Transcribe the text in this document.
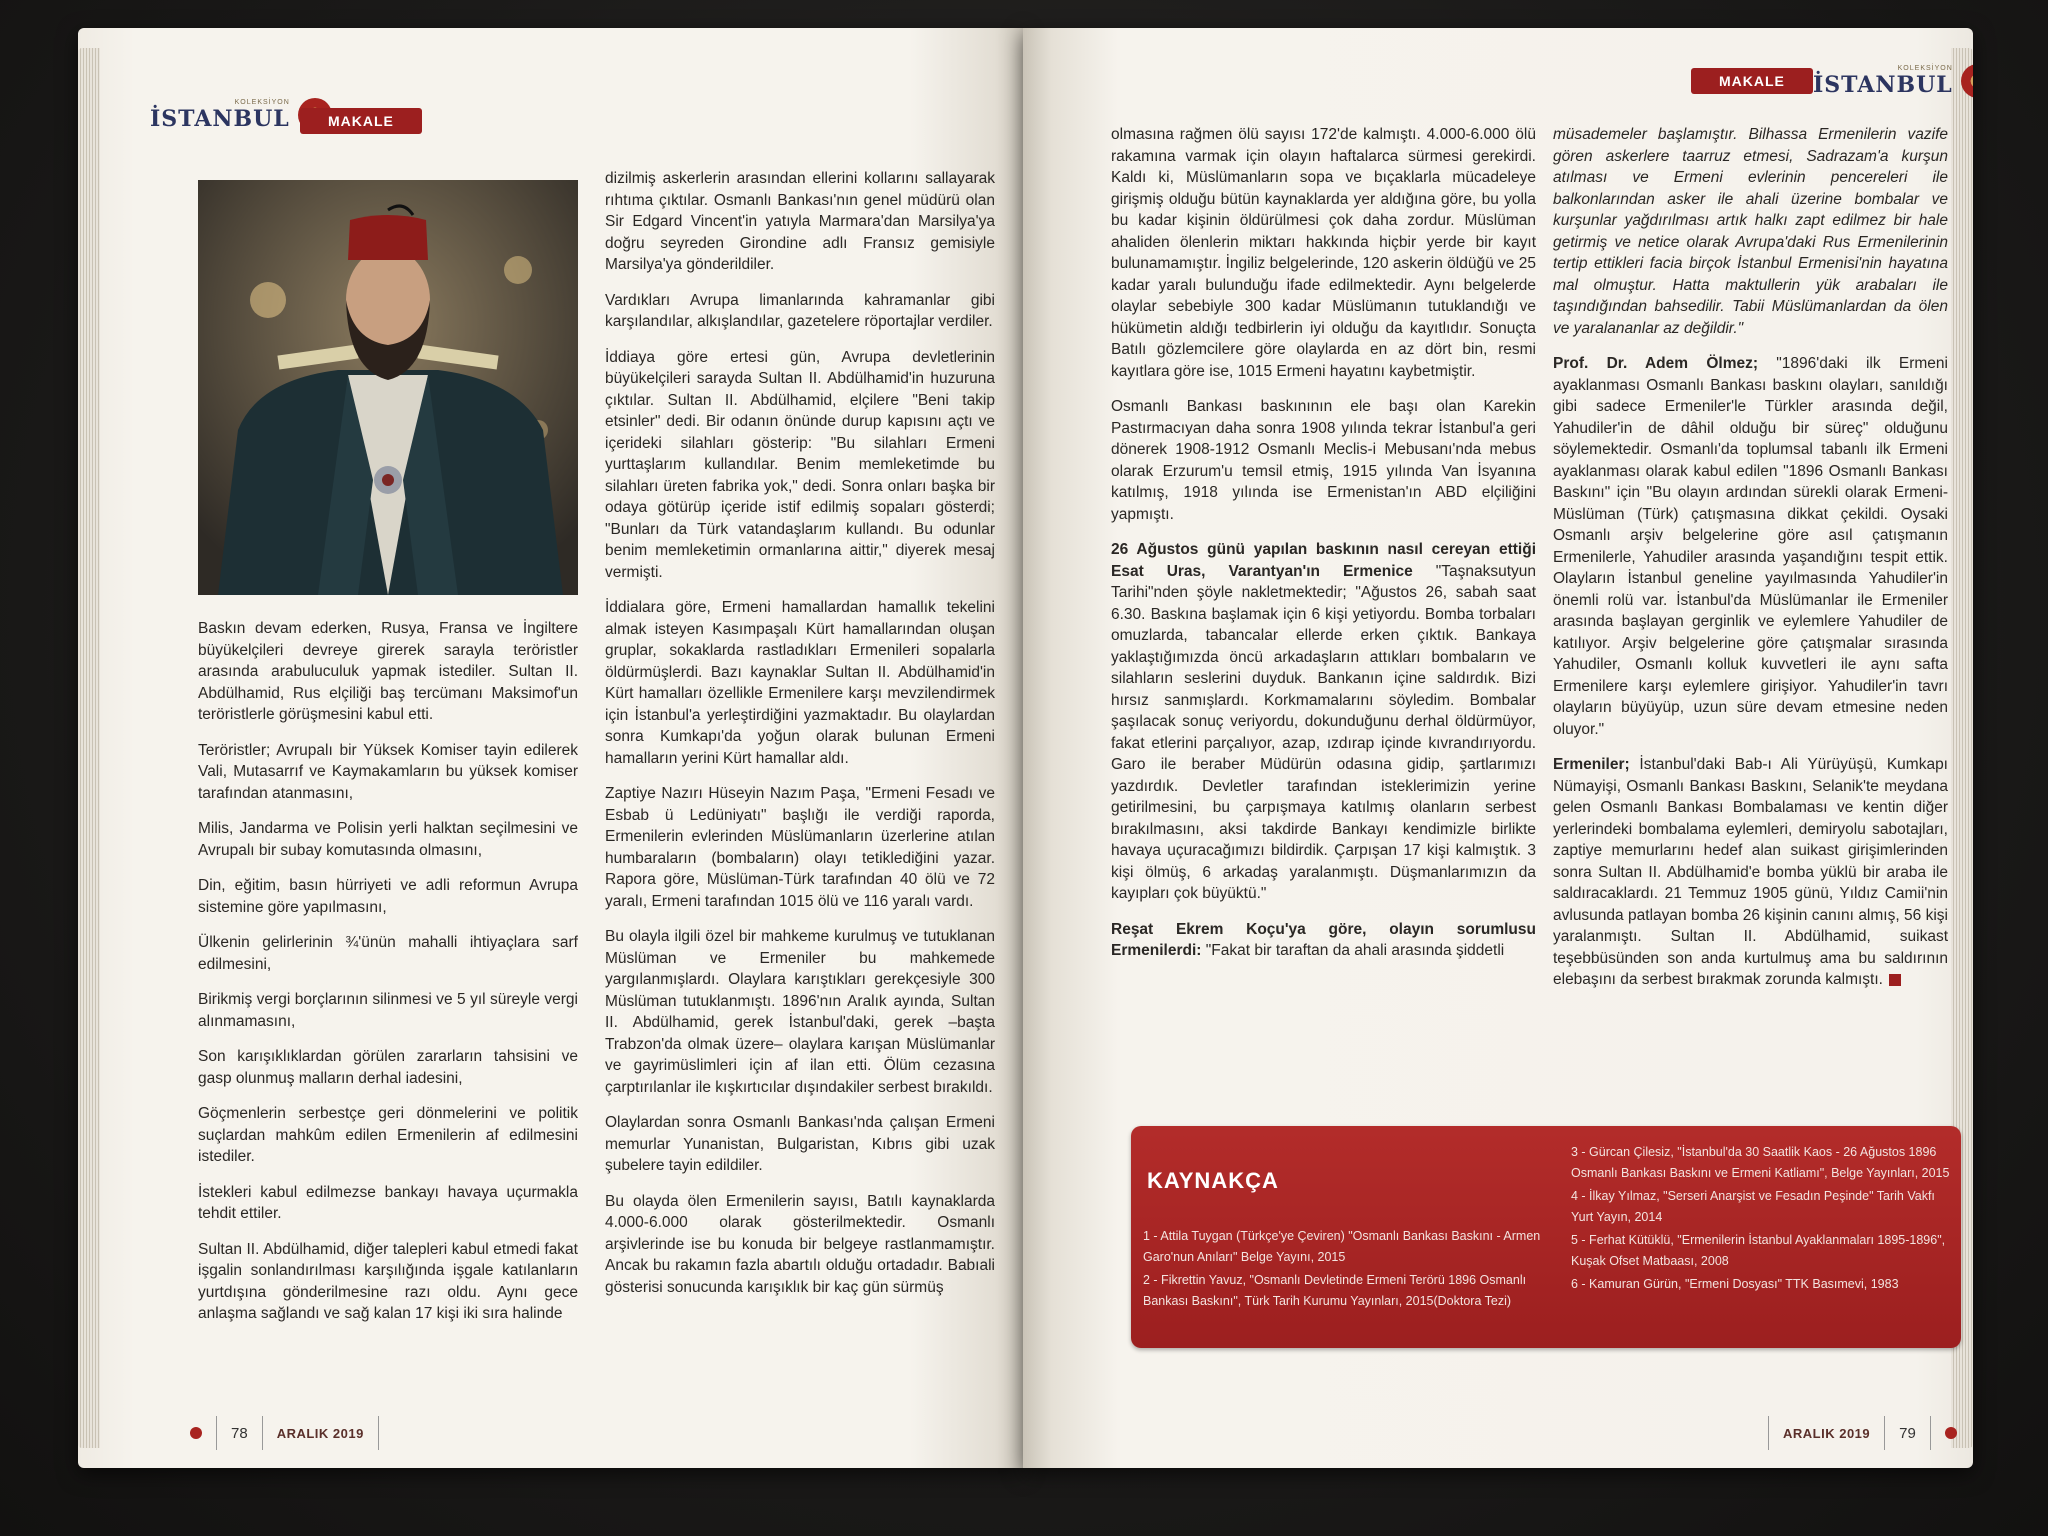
KOLEKSİYON
İSTANBUL	MAKALE

Baskın devam ederken, Rusya, Fransa ve İngiltere büyükelçileri devreye girerek sarayla teröristler arasında arabuluculuk yapmak istediler. Sultan II. Abdülhamid, Rus elçiliği baş tercümanı Maksimof'un teröristlerle görüşmesini kabul etti.

Teröristler; Avrupalı bir Yüksek Komiser tayin edilerek Vali, Mutasarrıf ve Kaymakamların bu yüksek komiser tarafından atanmasını,

Milis, Jandarma ve Polisin yerli halktan seçilmesini ve Avrupalı bir subay komutasında olmasını,

Din, eğitim, basın hürriyeti ve adli reformun Avrupa sistemine göre yapılmasını,

Ülkenin gelirlerinin ¾'ünün mahalli ihtiyaçlara sarf edilmesini,

Birikmiş vergi borçlarının silinmesi ve 5 yıl süreyle vergi alınmamasını,

Son karışıklıklardan görülen zararların tahsisini ve gasp olunmuş malların derhal iadesini,

Göçmenlerin serbestçe geri dönmelerini ve politik suçlardan mahkûm edilen Ermenilerin af edilmesini istediler.

İstekleri kabul edilmezse bankayı havaya uçurmakla tehdit ettiler.

Sultan II. Abdülhamid, diğer talepleri kabul etmedi fakat işgalin sonlandırılması karşılığında işgale katılanların yurtdışına gönderilmesine razı oldu. Aynı gece anlaşma sağlandı ve sağ kalan 17 kişi iki sıra halinde

dizilmiş askerlerin arasından ellerini kollarını sallayarak rıhtıma çıktılar. Osmanlı Bankası'nın genel müdürü olan Sir Edgard Vincent'in yatıyla Marmara'dan Marsilya'ya doğru seyreden Girondine adlı Fransız gemisiyle Marsilya'ya gönderildiler.

Vardıkları Avrupa limanlarında kahramanlar gibi karşılandılar, alkışlandılar, gazetelere röportajlar verdiler.

İddiaya göre ertesi gün, Avrupa devletlerinin büyükelçileri sarayda Sultan II. Abdülhamid'in huzuruna çıktılar. Sultan II. Abdülhamid, elçilere "Beni takip etsinler" dedi. Bir odanın önünde durup kapısını açtı ve içerideki silahları gösterip: "Bu silahları Ermeni yurttaşlarım kullandılar. Benim memleketimde bu silahları üreten fabrika yok," dedi. Sonra onları başka bir odaya götürüp içeride istif edilmiş sopaları gösterdi; "Bunları da Türk vatandaşlarım kullandı. Bu odunlar benim memleketimin ormanlarına aittir," diyerek mesaj vermişti.

İddialara göre, Ermeni hamallardan hamallık tekelini almak isteyen Kasımpaşalı Kürt hamallarından oluşan gruplar, sokaklarda rastladıkları Ermenileri sopalarla öldürmüşlerdi. Bazı kaynaklar Sultan II. Abdülhamid'in Kürt hamalları özellikle Ermenilere karşı mevzilendirmek için İstanbul'a yerleştirdiğini yazmaktadır. Bu olaylardan sonra Kumkapı'da yoğun olarak bulunan Ermeni hamalların yerini Kürt hamallar aldı.

Zaptiye Nazırı Hüseyin Nazım Paşa, "Ermeni Fesadı ve Esbab ü Ledüniyatı" başlığı ile verdiği raporda, Ermenilerin evlerinden Müslümanların üzerlerine atılan humbaraların (bombaların) olayı tetiklediğini yazar. Rapora göre, Müslüman-Türk tarafından 40 ölü ve 72 yaralı, Ermeni tarafından 1015 ölü ve 116 yaralı vardı.

Bu olayla ilgili özel bir mahkeme kurulmuş ve tutuklanan Müslüman ve Ermeniler bu mahkemede yargılanmışlardı. Olaylara karıştıkları gerekçesiyle 300 Müslüman tutuklanmıştı. 1896'nın Aralık ayında, Sultan II. Abdülhamid, gerek İstanbul'daki, gerek –başta Trabzon'da olmak üzere– olaylara karışan Müslümanlar ve gayrimüslimleri için af ilan etti. Ölüm cezasına çarptırılanlar ile kışkırtıcılar dışındakiler serbest bırakıldı.

Olaylardan sonra Osmanlı Bankası'nda çalışan Ermeni memurlar Yunanistan, Bulgaristan, Kıbrıs gibi uzak şubelere tayin edildiler.

Bu olayda ölen Ermenilerin sayısı, Batılı kaynaklarda 4.000-6.000 olarak gösterilmektedir. Osmanlı arşivlerinde ise bu konuda bir belgeye rastlanmamıştır. Ancak bu rakamın fazla abartılı olduğu ortadadır. Babıali gösterisi sonucunda karışıklık bir kaç gün sürmüş

78 ARALIK 2019
MAKALE
KOLEKSİYON
İSTANBUL

olmasına rağmen ölü sayısı 172'de kalmıştı. 4.000-6.000 ölü rakamına varmak için olayın haftalarca sürmesi gerekirdi. Kaldı ki, Müslümanların sopa ve bıçaklarla mücadeleye girişmiş olduğu bütün kaynaklarda yer aldığına göre, bu yolla bu kadar kişinin öldürülmesi çok daha zordur. Müslüman ahaliden ölenlerin miktarı hakkında hiçbir yerde bir kayıt bulunamamıştır. İngiliz belgelerinde, 120 askerin öldüğü ve 25 kadar yaralı bulunduğu ifade edilmektedir. Aynı belgelerde olaylar sebebiyle 300 kadar Müslümanın tutuklandığı ve hükümetin aldığı tedbirlerin iyi olduğu da kayıtlıdır. Sonuçta Batılı gözlemcilere göre olaylarda en az dört bin, resmi kayıtlara göre ise, 1015 Ermeni hayatını kaybetmiştir.

Osmanlı Bankası baskınının ele başı olan Karekin Pastırmacıyan daha sonra 1908 yılında tekrar İstanbul'a geri dönerek 1908-1912 Osmanlı Meclis-i Mebusanı'nda mebus olarak Erzurum'u temsil etmiş, 1915 yılında Van İsyanına katılmış, 1918 yılında ise Ermenistan'ın ABD elçiliğini yapmıştı.

26 Ağustos günü yapılan baskının nasıl cereyan ettiği Esat Uras, Varantyan'ın Ermenice "Taşnaksutyun Tarihi"nden şöyle nakletmektedir; "Ağustos 26, sabah saat 6.30. Baskına başlamak için 6 kişi yetiyordu. Bomba torbaları omuzlarda, tabancalar ellerde erken çıktık. Bankaya yaklaştığımızda öncü arkadaşların attıkları bombaların ve silahların seslerini duyduk. Bankanın içine saldırdık. Bizi hırsız sanmışlardı. Korkmamalarını söyledim. Bombalar şaşılacak sonuç veriyordu, dokunduğunu derhal öldürmüyor, fakat etlerini parçalıyor, azap, ızdırap içinde kıvrandırıyordu. Garo ile beraber Müdürün odasına gidip, şartlarımızı yazdırdık. Devletler tarafından isteklerimizin yerine getirilmesini, bu çarpışmaya katılmış olanların serbest bırakılmasını, aksi takdirde Bankayı kendimizle birlikte havaya uçuracağımızı bildirdik. Çarpışan 17 kişi kalmıştık. 3 kişi ölmüş, 6 arkadaş yaralanmıştı. Düşmanlarımızın da kayıpları çok büyüktü."

Reşat Ekrem Koçu'ya göre, olayın sorumlusu Ermenilerdi: "Fakat bir taraftan da ahali arasında şiddetli

müsademeler başlamıştır. Bilhassa Ermenilerin vazife gören askerlere taarruz etmesi, Sadrazam'a kurşun atılması ve Ermeni evlerinin pencereleri ile balkonlarından asker ile ahali üzerine bombalar ve kurşunlar yağdırılması artık halkı zapt edilmez bir hale getirmiş ve netice olarak Avrupa'daki Rus Ermenilerinin tertip ettikleri facia birçok İstanbul Ermenisi'nin hayatına mal olmuştur. Hatta maktullerin yük arabaları ile taşındığından bahsedilir. Tabii Müslümanlardan da ölen ve yaralananlar az değildir."

Prof. Dr. Adem Ölmez; "1896'daki ilk Ermeni ayaklanması Osmanlı Bankası baskını olayları, sanıldığı gibi sadece Ermeniler'le Türkler arasında değil, Yahudiler'in de dâhil olduğu bir süreç" olduğunu söylemektedir. Osmanlı'da toplumsal tabanlı ilk Ermeni ayaklanması olarak kabul edilen "1896 Osmanlı Bankası Baskını" için "Bu olayın ardından sürekli olarak Ermeni-Müslüman (Türk) çatışmasına dikkat çekildi. Oysaki Osmanlı arşiv belgelerine göre asıl çatışmanın Ermenilerle, Yahudiler arasında yaşandığını tespit ettik. Olayların İstanbul geneline yayılmasında Yahudiler'in önemli rolü var. İstanbul'da Müslümanlar ile Ermeniler arasında başlayan gerginlik ve eylemlere Yahudiler de katılıyor. Arşiv belgelerine göre çatışmalar sırasında Yahudiler, Osmanlı kolluk kuvvetleri ile aynı safta Ermenilere karşı eylemlere girişiyor. Yahudiler'in tavrı olayların büyüyüp, uzun süre devam etmesine neden oluyor."

Ermeniler; İstanbul'daki Bab-ı Ali Yürüyüşü, Kumkapı Nümayişi, Osmanlı Bankası Baskını, Selanik'te meydana gelen Osmanlı Bankası Bombalaması ve kentin diğer yerlerindeki bombalama eylemleri, demiryolu sabotajları, zaptiye memurlarını hedef alan suikast girişimlerinden sonra Sultan II. Abdülhamid'e bomba yüklü bir araba ile saldıracaklardı. 21 Temmuz 1905 günü, Yıldız Camii'nin avlusunda patlayan bomba 26 kişinin canını almış, 56 kişi yaralanmıştı. Sultan II. Abdülhamid, suikast teşebbüsünden son anda kurtulmuş ama bu saldırının elebaşını da serbest bırakmak zorunda kalmıştı.

KAYNAKÇA
1 - Attila Tuygan (Türkçe'ye Çeviren) "Osmanlı Bankası Baskını - Armen Garo'nun Anıları" Belge Yayını, 2015
2 - Fikrettin Yavuz, "Osmanlı Devletinde Ermeni Terörü 1896 Osmanlı Bankası Baskını", Türk Tarih Kurumu Yayınları, 2015(Doktora Tezi)
3 - Gürcan Çilesiz, "İstanbul'da 30 Saatlik Kaos - 26 Ağustos 1896 Osmanlı Bankası Baskını ve Ermeni Katliamı", Belge Yayınları, 2015
4 - İlkay Yılmaz, "Serseri Anarşist ve Fesadın Peşinde" Tarih Vakfı Yurt Yayın, 2014
5 - Ferhat Kütüklü, "Ermenilerin İstanbul Ayaklanmaları 1895-1896", Kuşak Ofset Matbaası, 2008
6 - Kamuran Gürün, "Ermeni Dosyası" TTK Basımevi, 1983
ARALIK 2019 79
